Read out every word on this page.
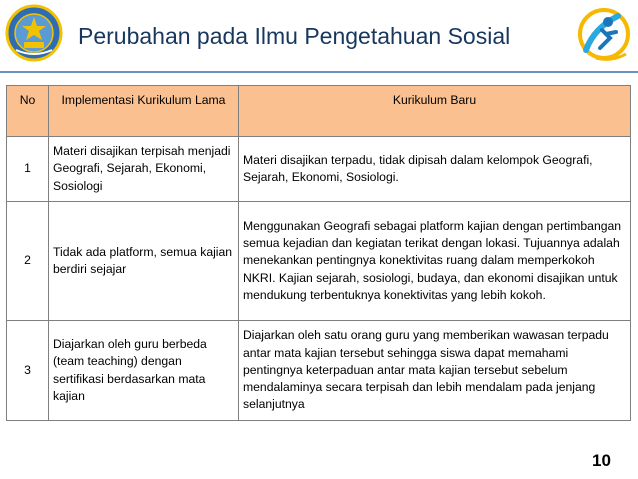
Perubahan pada Ilmu Pengetahuan Sosial
No	Implementasi Kurikulum Lama	Kurikulum Baru
1	Materi disajikan terpisah menjadi Geografi, Sejarah, Ekonomi, Sosiologi	Materi disajikan terpadu, tidak dipisah dalam kelompok Geografi, Sejarah, Ekonomi, Sosiologi.
2	Tidak ada platform, semua kajian berdiri sejajar	Menggunakan Geografi sebagai platform kajian dengan pertimbangan semua kejadian dan kegiatan terikat dengan lokasi. Tujuannya adalah menekankan pentingnya konektivitas ruang dalam memperkokoh NKRI. Kajian sejarah, sosiologi, budaya, dan ekonomi disajikan untuk mendukung terbentuknya konektivitas yang lebih kokoh.
3	Diajarkan oleh guru berbeda (team teaching) dengan sertifikasi berdasarkan mata kajian	Diajarkan oleh satu orang guru yang memberikan wawasan terpadu antar mata kajian tersebut sehingga siswa dapat memahami pentingnya keterpaduan antar mata kajian tersebut sebelum mendalaminya secara terpisah dan lebih mendalam pada jenjang selanjutnya
10
